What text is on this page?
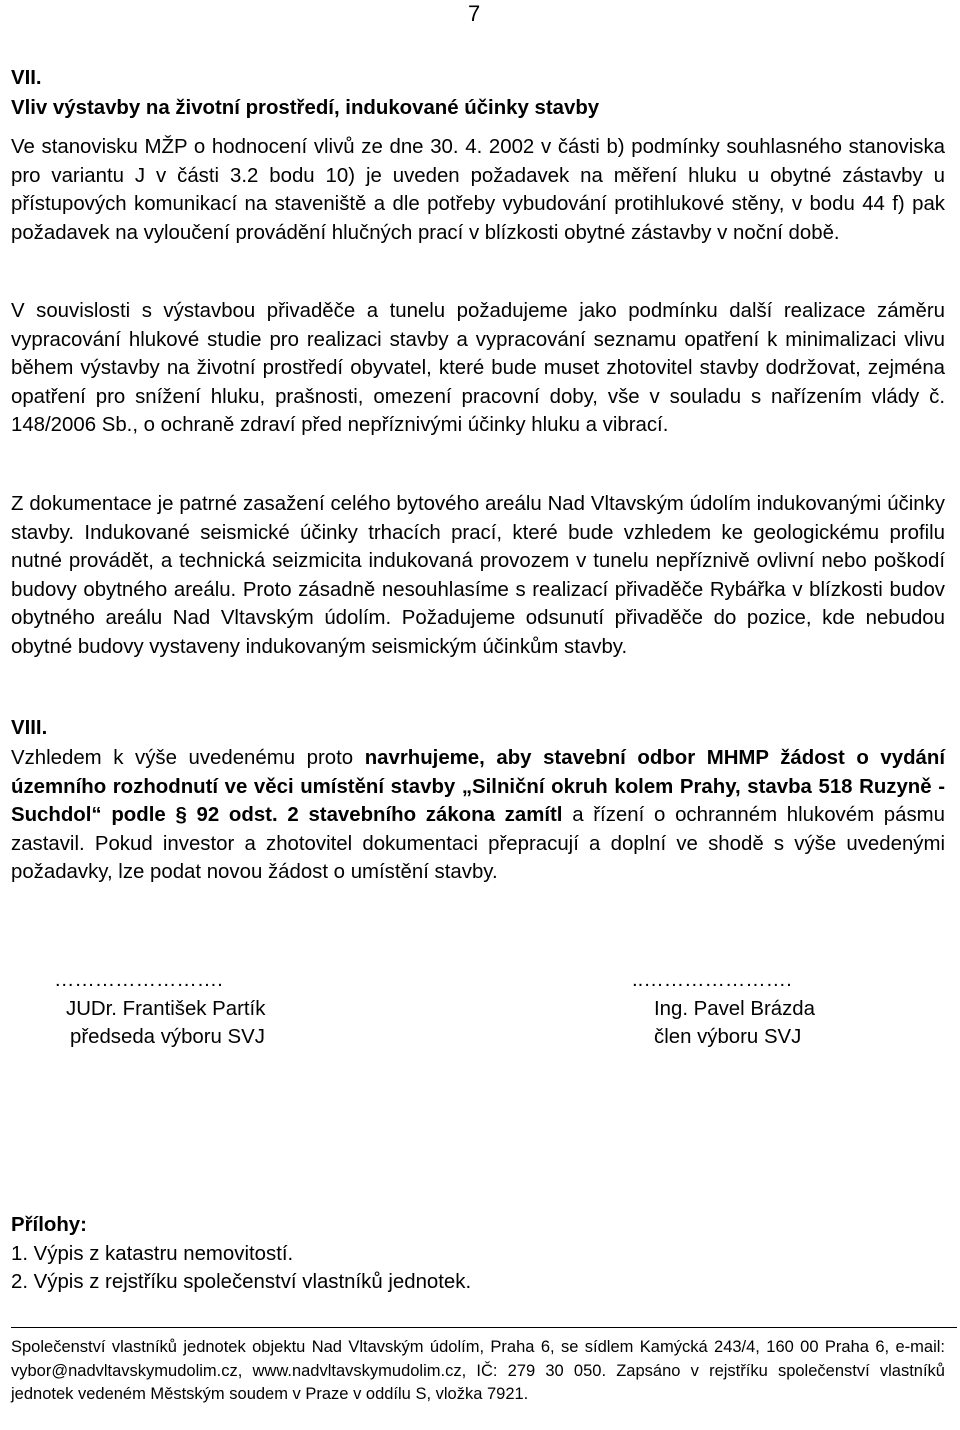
7
VII.
Vliv výstavby na životní prostředí, indukované účinky stavby
Ve stanovisku MŽP o hodnocení vlivů ze dne 30. 4. 2002 v části b) podmínky souhlasného stanoviska pro variantu J v části 3.2 bodu 10) je uveden požadavek na měření hluku u obytné zástavby u přístupových komunikací na staveniště a dle potřeby vybudování protihlukové stěny, v bodu 44 f) pak požadavek na vyloučení provádění hlučných prací v blízkosti obytné zástavby v noční době.
V souvislosti s výstavbou přivaděče a tunelu požadujeme jako podmínku další realizace záměru vypracování hlukové studie pro realizaci stavby a vypracování seznamu opatření k minimalizaci vlivu během výstavby na životní prostředí obyvatel, které bude muset zhotovitel stavby dodržovat, zejména opatření pro snížení hluku, prašnosti, omezení pracovní doby, vše v souladu s nařízením vlády č. 148/2006 Sb., o ochraně zdraví před nepříznivými účinky hluku a vibrací.
Z dokumentace je patrné zasažení celého bytového areálu Nad Vltavským údolím indukovanými účinky stavby. Indukované seismické účinky trhacích prací, které bude vzhledem ke geologickému profilu nutné provádět, a technická seizmicita indukovaná provozem v tunelu nepříznivě ovlivní nebo poškodí budovy obytného areálu. Proto zásadně nesouhlasíme s realizací přivaděče Rybářka v blízkosti budov obytného areálu Nad Vltavským údolím. Požadujeme odsunutí přivaděče do pozice, kde nebudou obytné budovy vystaveny indukovaným seismickým účinkům stavby.
VIII.
Vzhledem k výše uvedenému proto navrhujeme, aby stavební odbor MHMP žádost o vydání územního rozhodnutí ve věci umístění stavby „Silniční okruh kolem Prahy, stavba 518 Ruzyně - Suchdol“ podle § 92 odst. 2 stavebního zákona zamítl a řízení o ochranném hlukovém pásmu zastavil. Pokud investor a zhotovitel dokumentaci přepracují a doplní ve shodě s výše uvedenými požadavky, lze podat novou žádost o umístění stavby.
…………………….
JUDr. František Partík
předseda výboru SVJ
..………………….
Ing. Pavel Brázda
člen výboru SVJ
Přílohy:
1. Výpis z katastru nemovitostí.
2. Výpis z rejstříku společenství vlastníků jednotek.
Společenství vlastníků jednotek objektu Nad Vltavským údolím, Praha 6, se sídlem Kamýcká 243/4, 160 00 Praha 6, e-mail: vybor@nadvltavskymudolim.cz, www.nadvltavskymudolim.cz, IČ: 279 30 050. Zapsáno v rejstříku společenství vlastníků jednotek vedeném Městským soudem v Praze v oddílu S, vložka 7921.
